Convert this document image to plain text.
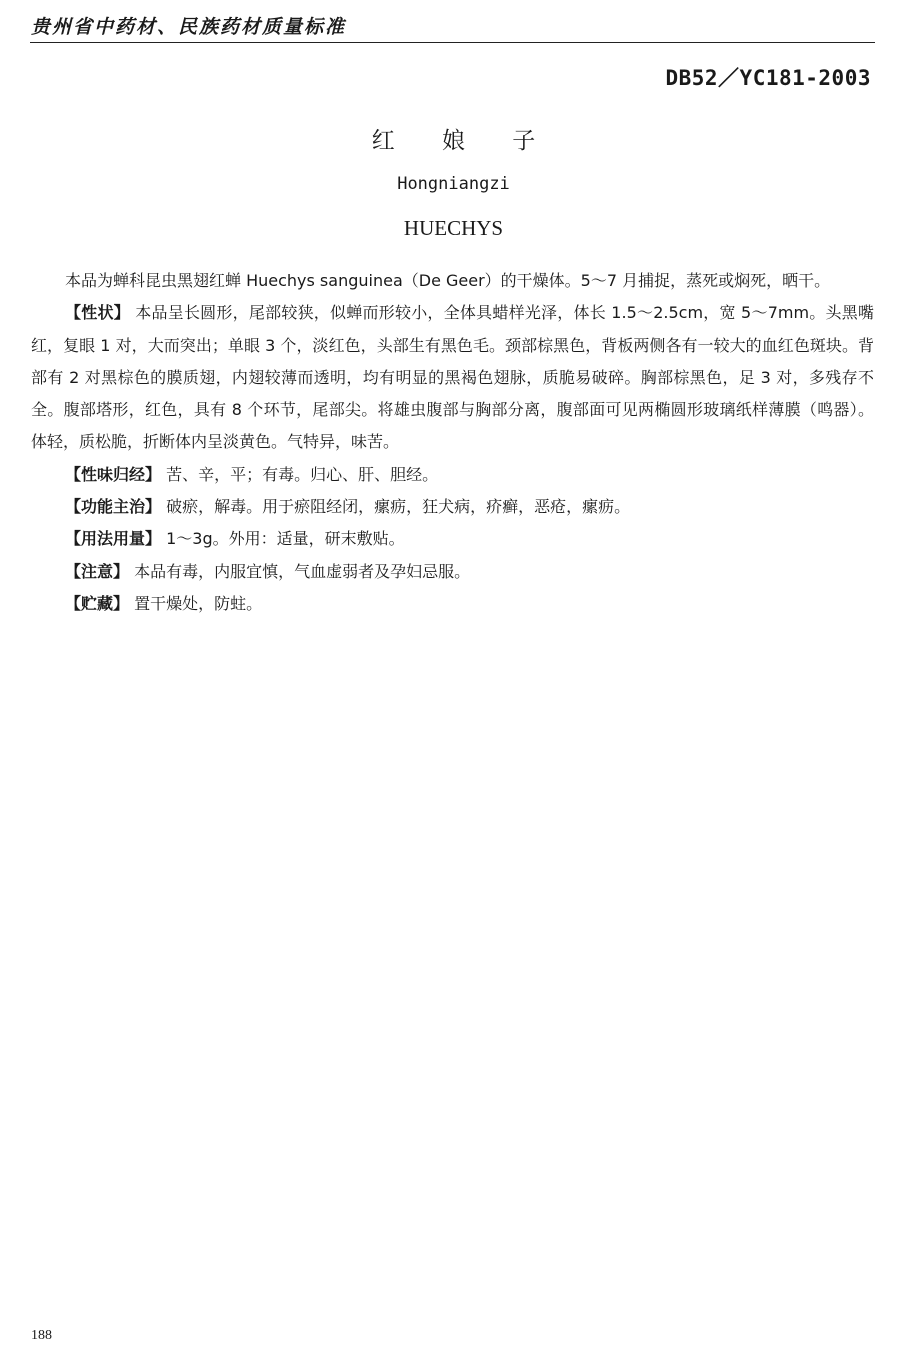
贵州省中药材、民族药材质量标准
DB52／YC181-2003
红 娘 子
Hongniangzi
HUECHYS

本品为蝉科昆虫黑翅红蝉 Huechys sanguinea（De Geer）的干燥体。5～7 月捕捉，蒸死或焖死，晒干。

【性状】 本品呈长圆形，尾部较狭，似蝉而形较小，全体具蜡样光泽，体长 1.5～2.5cm，宽 5～7mm。头黑嘴红，复眼 1 对，大而突出；单眼 3 个，淡红色，头部生有黑色毛。颈部棕黑色，背板两侧各有一较大的血红色斑块。背部有 2 对黑棕色的膜质翅，内翅较薄而透明，均有明显的黑褐色翅脉，质脆易破碎。胸部棕黑色，足 3 对，多残存不全。腹部塔形，红色，具有 8 个环节，尾部尖。将雄虫腹部与胸部分离，腹部面可见两椭圆形玻璃纸样薄膜（鸣器）。体轻，质松脆，折断体内呈淡黄色。气特异，味苦。

【性味归经】 苦、辛，平；有毒。归心、肝、胆经。

【功能主治】 破瘀，解毒。用于瘀阻经闭，瘰疬，狂犬病，疥癣，恶疮，瘰疬。

【用法用量】 1～3g。外用：适量，研末敷贴。

【注意】 本品有毒，内服宜慎，气血虚弱者及孕妇忌服。

【贮藏】 置干燥处，防蛀。

188
